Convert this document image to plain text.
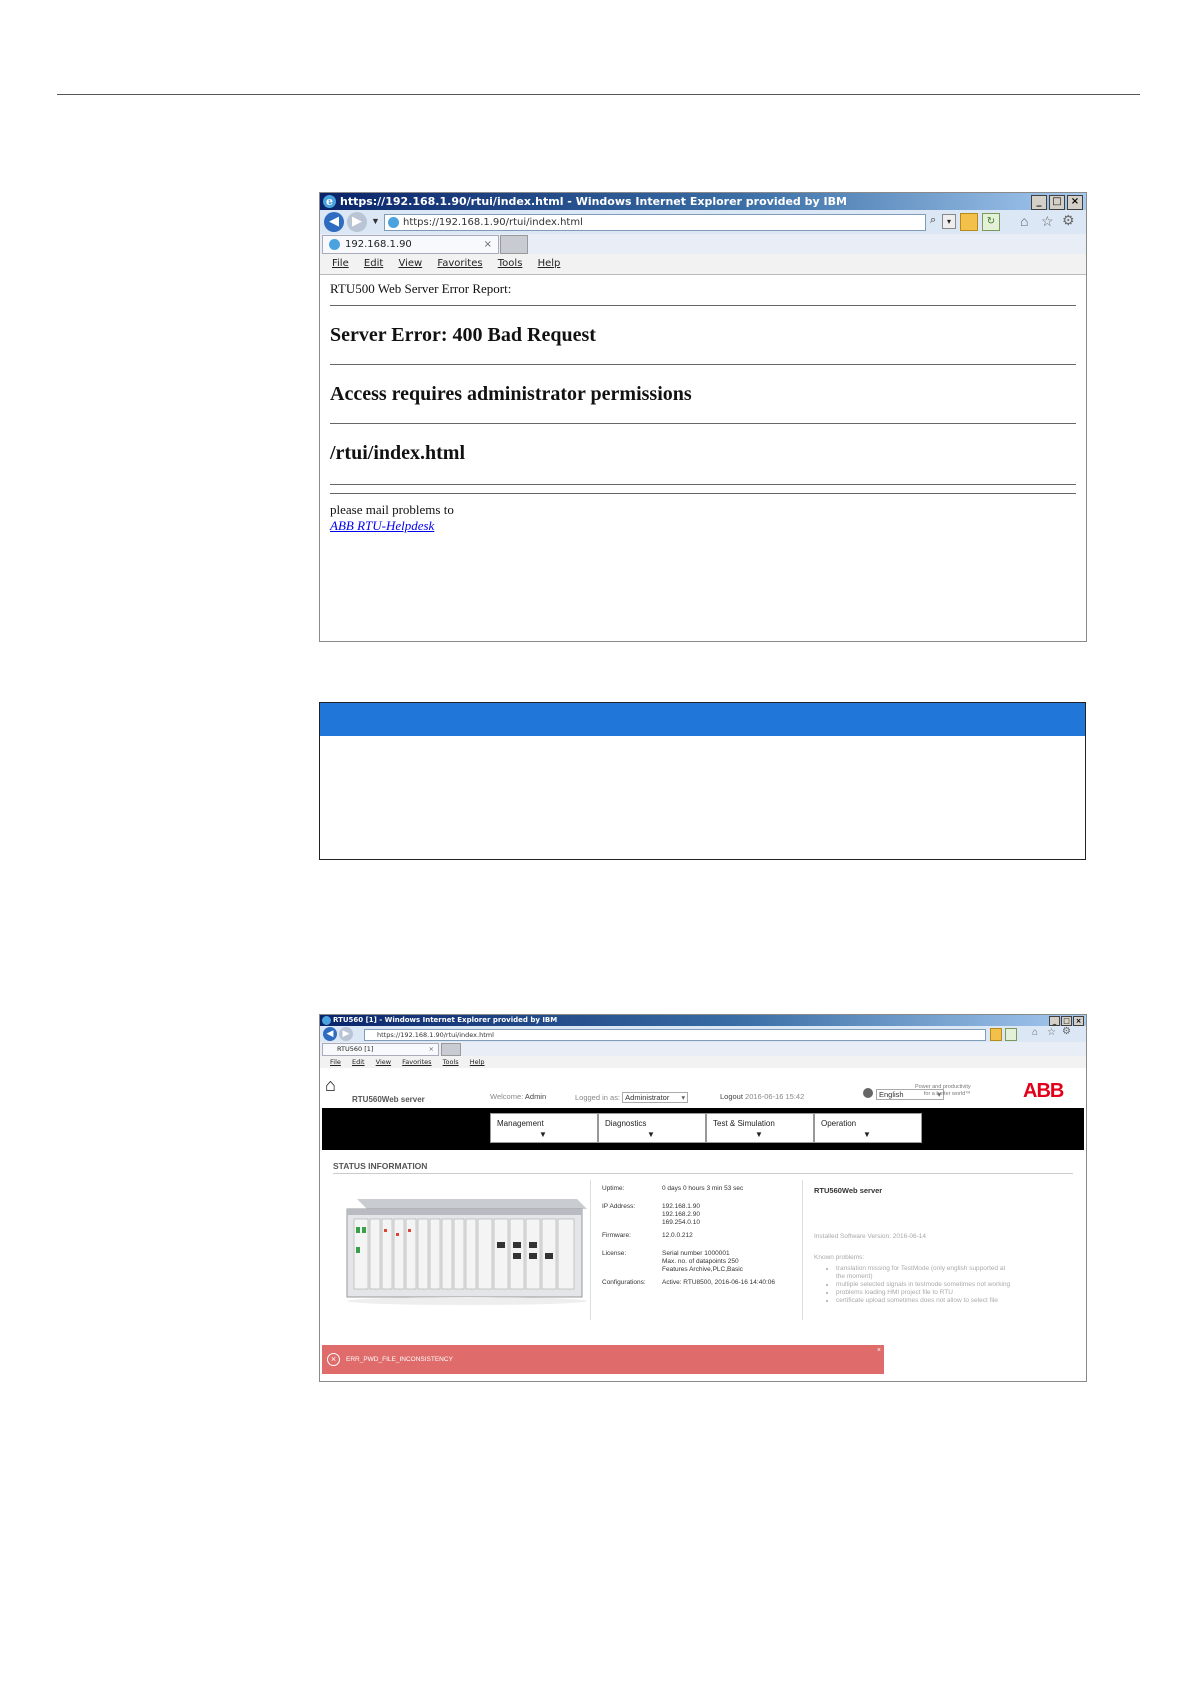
e https://192.168.1.90/rtui/index.html - Windows Internet Explorer provided by IBM	_	□ ×
◀	▶	▼	https://192.168.1.90/rtui/index.html	⌕	▾	↻	⌂ ☆ ⚙
192.168.1.90	×
File Edit View Favorites Tools Help

RTU500 Web Server Error Report:

Server Error: 400 Bad Request
Access requires administrator permissions
/rtui/index.html
please mail problems to
ABB RTU-Helpdesk
RTU560 [1] - Windows Internet Explorer provided by IBM	_ □ ×
◀	▶	https://192.168.1.90/rtui/index.html	⌂ ☆ ⚙
RTU560 [1]	×
File Edit View Favorites Tools Help
⌂
RTU560Web server	Welcome: Admin	Logged in as: Administrator ▾	Logout 2016-06-16 15:42	English ▾
Power and productivity
for a better world™	ABB
Management
▼
Diagnostics
▼
Test & Simulation
▼
Operation
▼
STATUS INFORMATION
Uptime:	0 days 0 hours 3 min 53 sec
IP Address:	192.168.1.90
192.168.2.90
169.254.0.10
Firmware:	12.0.0.212
License:	Serial number 1000001
Max. no. of datapoints 250
Features Archive,PLC,Basic
Configurations:	Active: RTU8500, 2016-06-16 14:40:06
RTU560Web server
Installed Software Version: 2016-06-14
Known problems:
• translation missing for TestMode (only english supported at the moment)
• multiple selected signals in testmode sometimes not working
• problems loading HMI project file to RTU
• certificate upload sometimes does not allow to select file
×	ERR_PWD_FILE_INCONSISTENCY
×
